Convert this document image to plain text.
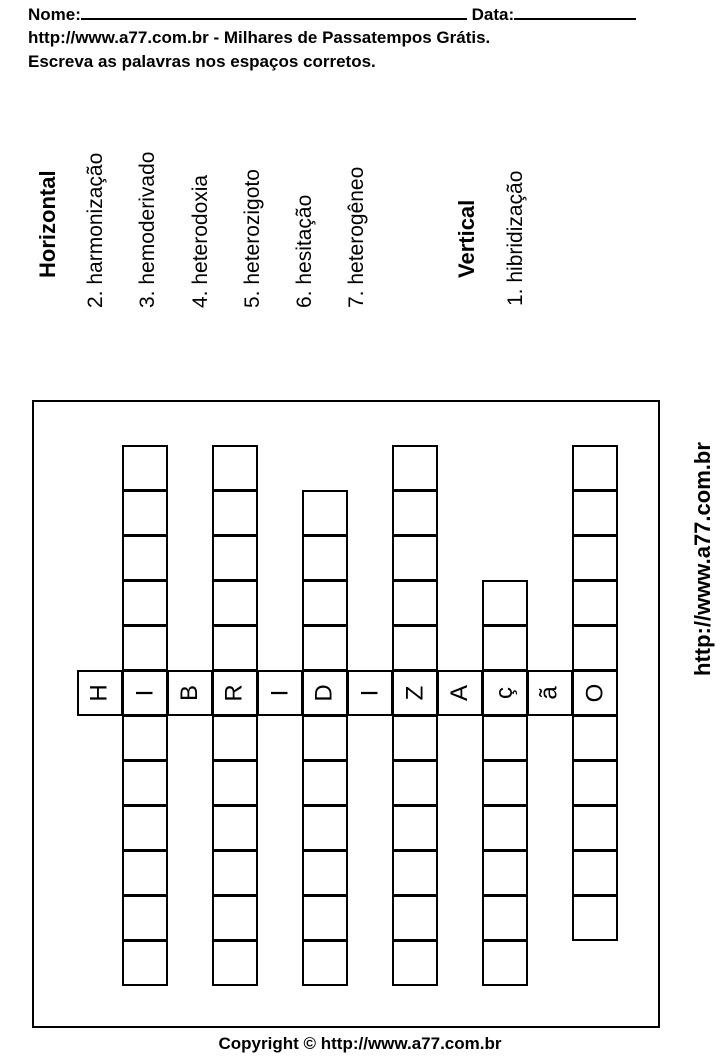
Nome:	Data:
http://www.a77.com.br - Milhares de Passatempos Grátis.
Escreva as palavras nos espaços corretos.
Horizontal 2. harmonização 3. hemoderivado 4. heterodoxia 5. heterozigoto 6. hesitação 7. heterogêneo	Vertical 1. hibridização
http://www.a77.com.br
H I B R I D I Z A ç ã O
Copyright © http://www.a77.com.br
